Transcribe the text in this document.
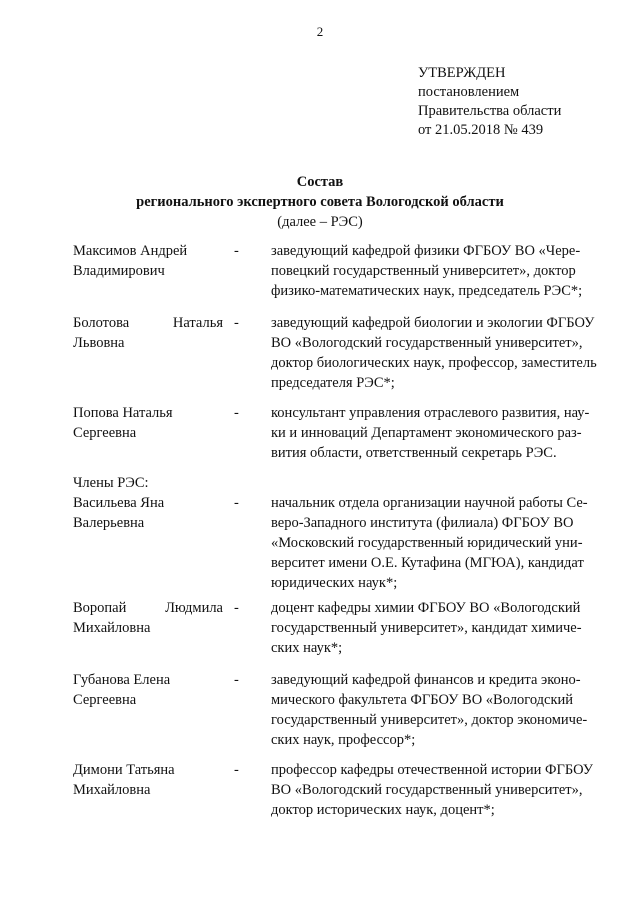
2
УТВЕРЖДЕН
постановлением
Правительства области
от 21.05.2018 № 439
Состав
регионального экспертного совета Вологодской области
(далее – РЭС)
Максимов Андрей
Владимирович
- заведующий кафедрой физики ФГБОУ ВО «Чере-
повецкий государственный университет», доктор
физико-математических наук, председатель РЭС*;
Болотова Наталья
Львовна
- заведующий кафедрой биологии и экологии ФГБОУ
ВО «Вологодский государственный университет»,
доктор биологических наук, профессор, заместитель
председателя РЭС*;
Попова Наталья
Сергеевна
- консультант управления отраслевого развития, нау-
ки и инноваций Департамент экономического раз-
вития области, ответственный секретарь РЭС.
Члены РЭС:
Васильева Яна
Валерьевна
- начальник отдела организации научной работы Се-
веро-Западного института (филиала) ФГБОУ ВО
«Московский государственный юридический уни-
верситет имени О.Е. Кутафина (МГЮА), кандидат
юридических наук*;
Воропай Людмила
Михайловна
- доцент кафедры химии ФГБОУ ВО «Вологодский
государственный университет», кандидат химиче-
ских наук*;
Губанова Елена
Сергеевна
- заведующий кафедрой финансов и кредита эконо-
мического факультета ФГБОУ ВО «Вологодский
государственный университет», доктор экономиче-
ских наук, профессор*;
Димони Татьяна
Михайловна
- профессор кафедры отечественной истории ФГБОУ
ВО «Вологодский государственный университет»,
доктор исторических наук, доцент*;
